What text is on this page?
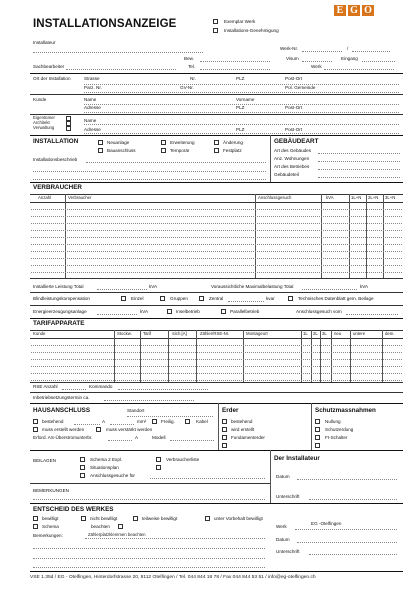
INSTALLATIONSANZEIGE	Exemplar Werk
Installations-Genehmigung
E G O
Installateur
Werk-Nr.	/
Bew.	Visum	Eingang
Sachbearbeiter	Tel.	Werk
Ort der Installation	Strasse	Nr.	PLZ	Post-Ort
Parz. Nr.	GV-Nr.	Pol. Gemeinde
Kunde	Name	Vorname
Adresse	PLZ	Post-Ort
Eigentümer
Architekt
Verwaltung
Name
Adresse	PLZ	Post-Ort
INSTALLATION	Neuanlage	Erweiterung	Änderung
Bauanschluss	Temporär	Festplatz
Installationsbeschrieb
GEBÄUDEART
Art des Gebäudes
Anz. Wohnungen
Art des Betriebes
Gebäudeteil
VERBRAUCHER
Anzahl	Verbraucher	Anschlussgesuch	kVA	1L+N 2L+N 3L+N
Installierte Leistung Total	kVA	Voraussichtliche Maximalbelastung Total	kVA
Blindleistungskompensation	Einzel	Gruppen	Zentral	kvar	Technisches Datenblatt gem. Beilage
Energieerzeugungsanlage	kVA	Inselbetrieb	Parallelbetrieb	Anschlussgesuch vom
TARIFAPPARATE
Kunde	Stockw.	Tarif	Sich.[A]	Zähler/RSE-Nr.	Montageort	1L 2L 3L neu	untere	dem.
RSE Anzahl	Kommando
Inbetriebsetzungstermin ca.
HAUSANSCHLUSS	Standort
bestehend	A	mm²	Freilig.	Kabel
muss erstellt werden	muss verstärkt werden
Erford. AS-Überstromunterbr.	A	Modell
Erder
bestehend
wird erstellt
Fundamenterder
Schutzmassnahmen
Nullung
Schutzerdung
FI-Schalter
BEILAGEN	Schema 2 Expl.	Verbraucherliste
Situationsplan
Anschlussgesuche für
BEMERKUNGEN
Der Installateur
Datum
Unterschrift
ENTSCHEID DES WERKES
bewilligt	nicht bewilligt	teilweise bewilligt	unter Vorbehalt bewilligt
Schema	beachten
Bemerkungen:	Zählerplatzklemmen beachten
Werk
EG -Otelfingen
Datum
Unterschrift
VSE 1.35d / EG - Otelfingen, Hinterdorfstrasse 20, 8112 Otelfingen / Tel. 044 844 18 78 / Fax 044 844 53 51 / info@eg-otelfingen.ch
